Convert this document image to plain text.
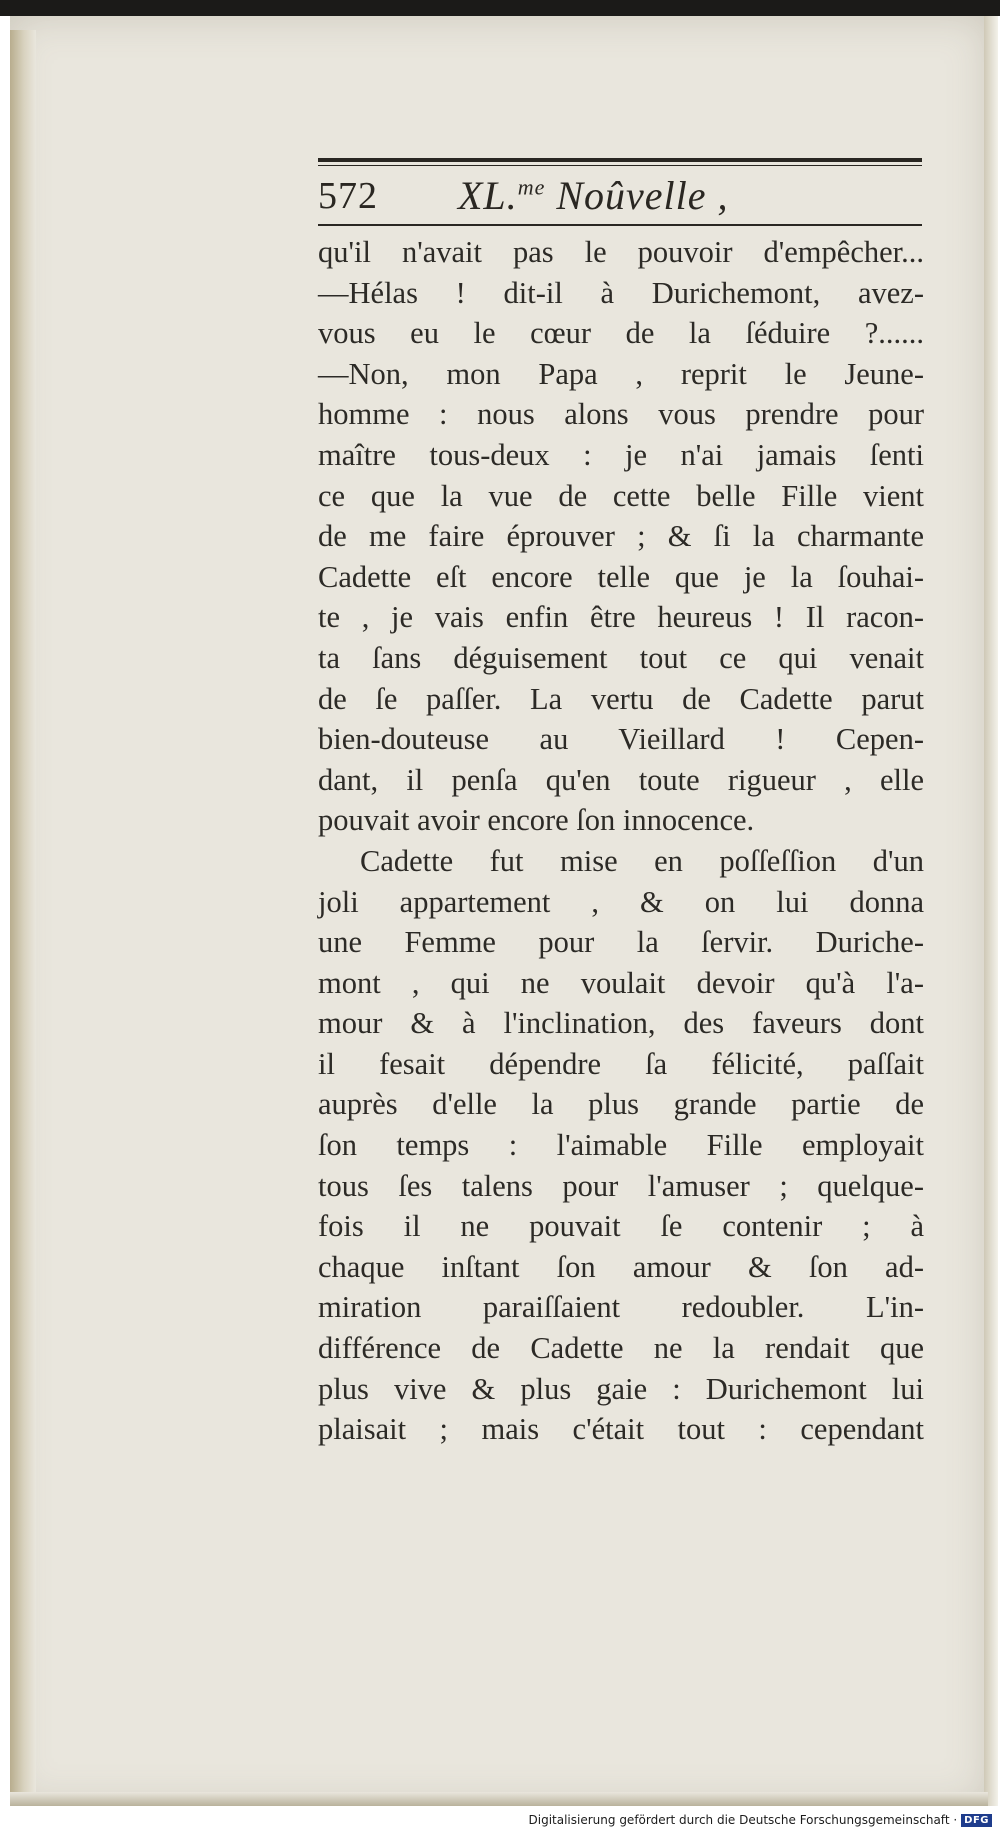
572 XL.$^{me}$ Noûvelle ,
qu'il n'avait pas le pouvoir d'empêcher...
—Hélas ! dit-il à Durichemont, avez-
vous eu le cœur de la ſéduire ?......
—Non, mon Papa , reprit le Jeune-
homme : nous alons vous prendre pour
maître tous-deux : je n'ai jamais ſenti
ce que la vue de cette belle Fille vient
de me faire éprouver ; & ſi la charmante
Cadette eſt encore telle que je la ſouhai-
te , je vais enfin être heureus ! Il racon-
ta ſans déguisement tout ce qui venait
de ſe paſſer. La vertu de Cadette parut
bien-douteuse au Vieillard ! Cepen-
dant, il penſa qu'en toute rigueur , elle
pouvait avoir encore ſon innocence.
Cadette fut mise en poſſeſſion d'un
joli appartement , & on lui donna
une Femme pour la ſervir. Duriche-
mont , qui ne voulait devoir qu'à l'a-
mour & à l'inclination, des faveurs dont
il fesait dépendre ſa félicité, paſſait
auprès d'elle la plus grande partie de
ſon temps : l'aimable Fille employait
tous ſes talens pour l'amuser ; quelque-
fois il ne pouvait ſe contenir ; à
chaque inſtant ſon amour & ſon ad-
miration paraiſſaient redoubler. L'in-
différence de Cadette ne la rendait que
plus vive & plus gaie : Durichemont lui
plaisait ; mais c'était tout : cependant
Digitalisierung gefördert durch die Deutsche Forschungsgemeinschaft · DFG
